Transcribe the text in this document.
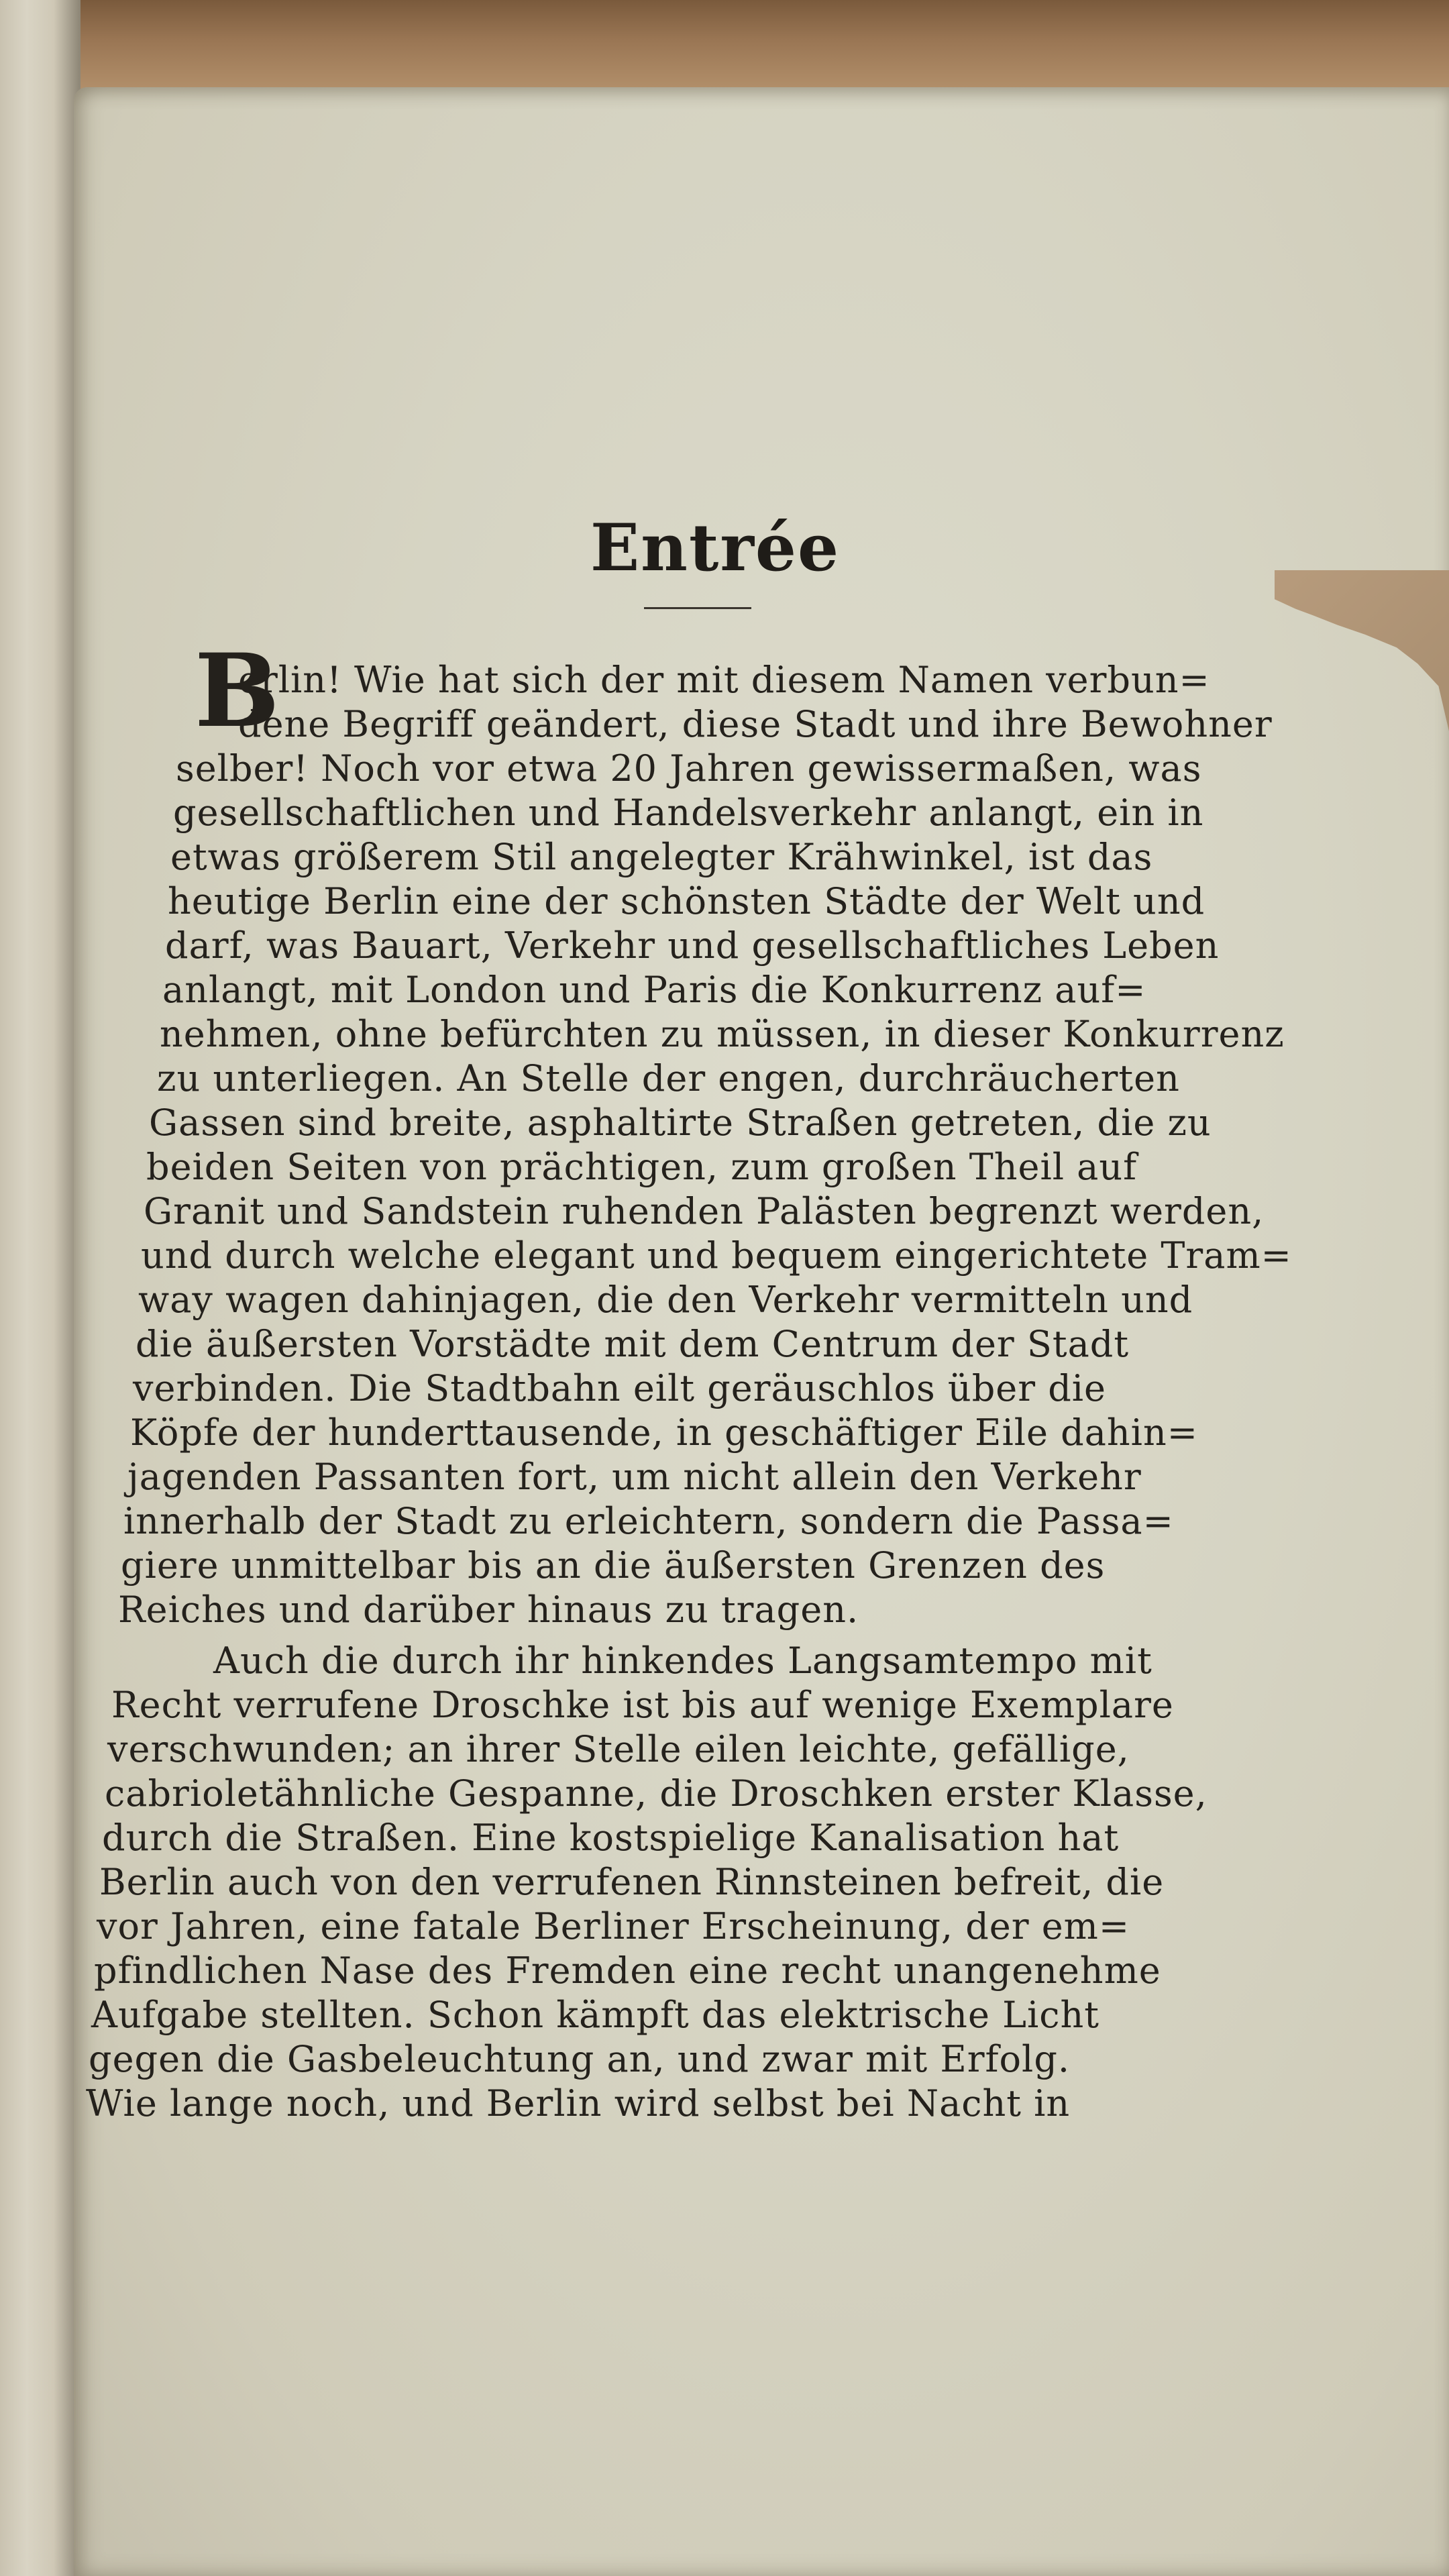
Entrée
B
erlin! Wie hat sich der mit diesem Namen verbun=
dene Begriff geändert, diese Stadt und ihre Bewohner
selber! Noch vor etwa 20 Jahren gewissermaßen, was
gesellschaftlichen und Handelsverkehr anlangt, ein in
etwas größerem Stil angelegter Krähwinkel, ist das
heutige Berlin eine der schönsten Städte der Welt und
darf, was Bauart, Verkehr und gesellschaftliches Leben
anlangt, mit London und Paris die Konkurrenz auf=
nehmen, ohne befürchten zu müssen, in dieser Konkurrenz
zu unterliegen. An Stelle der engen, durchräucherten
Gassen sind breite, asphaltirte Straßen getreten, die zu
beiden Seiten von prächtigen, zum großen Theil auf
Granit und Sandstein ruhenden Palästen begrenzt werden,
und durch welche elegant und bequem eingerichtete Tram=
way wagen dahinjagen, die den Verkehr vermitteln und
die äußersten Vorstädte mit dem Centrum der Stadt
verbinden. Die Stadtbahn eilt geräuschlos über die
Köpfe der hunderttausende, in geschäftiger Eile dahin=
jagenden Passanten fort, um nicht allein den Verkehr
innerhalb der Stadt zu erleichtern, sondern die Passa=
giere unmittelbar bis an die äußersten Grenzen des
Reiches und darüber hinaus zu tragen.
Auch die durch ihr hinkendes Langsamtempo mit
Recht verrufene Droschke ist bis auf wenige Exemplare
verschwunden; an ihrer Stelle eilen leichte, gefällige,
cabrioletähnliche Gespanne, die Droschken erster Klasse,
durch die Straßen. Eine kostspielige Kanalisation hat
Berlin auch von den verrufenen Rinnsteinen befreit, die
vor Jahren, eine fatale Berliner Erscheinung, der em=
pfindlichen Nase des Fremden eine recht unangenehme
Aufgabe stellten. Schon kämpft das elektrische Licht
gegen die Gasbeleuchtung an, und zwar mit Erfolg.
Wie lange noch, und Berlin wird selbst bei Nacht in
